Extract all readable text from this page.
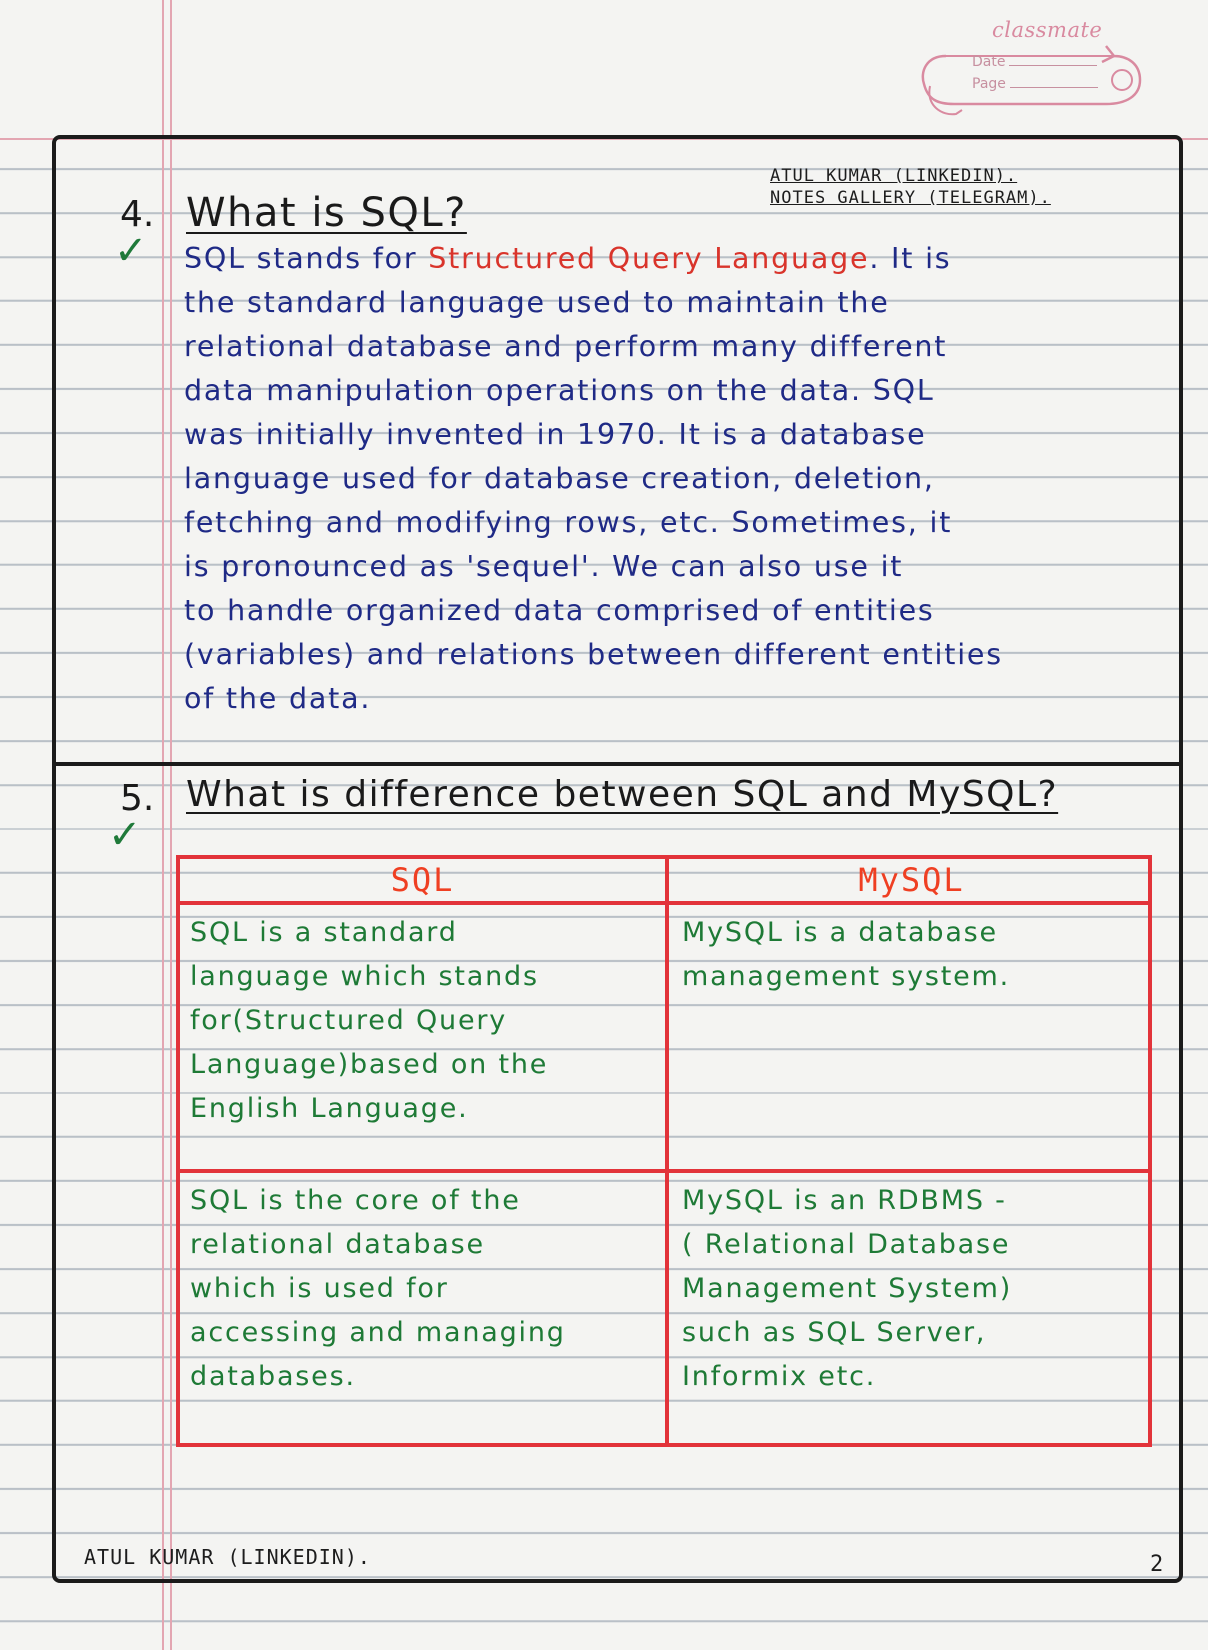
classmate
Date
Page
ATUL KUMAR (LINKEDIN).
NOTES GALLERY (TELEGRAM).
4. What is SQL?
✓ SQL stands for Structured Query Language. It is
the standard language used to maintain the
relational database and perform many different
data manipulation operations on the data. SQL
was initially invented in 1970. It is a database
language used for database creation, deletion,
fetching and modifying rows, etc. Sometimes, it
is pronounced as 'sequel'. We can also use it
to handle organized data comprised of entities
(variables) and relations between different entities
of the data.
5. What is difference between SQL and MySQL?
✓
SQL	MySQL
SQL is a standard
language which stands
for(Structured Query
Language)based on the
English Language.
MySQL is a database
management system.
SQL is the core of the
relational database
which is used for
accessing and managing
databases.
MySQL is an RDBMS -
( Relational Database
Management System)
such as SQL Server,
Informix etc.
ATUL KUMAR (LINKEDIN).	2
